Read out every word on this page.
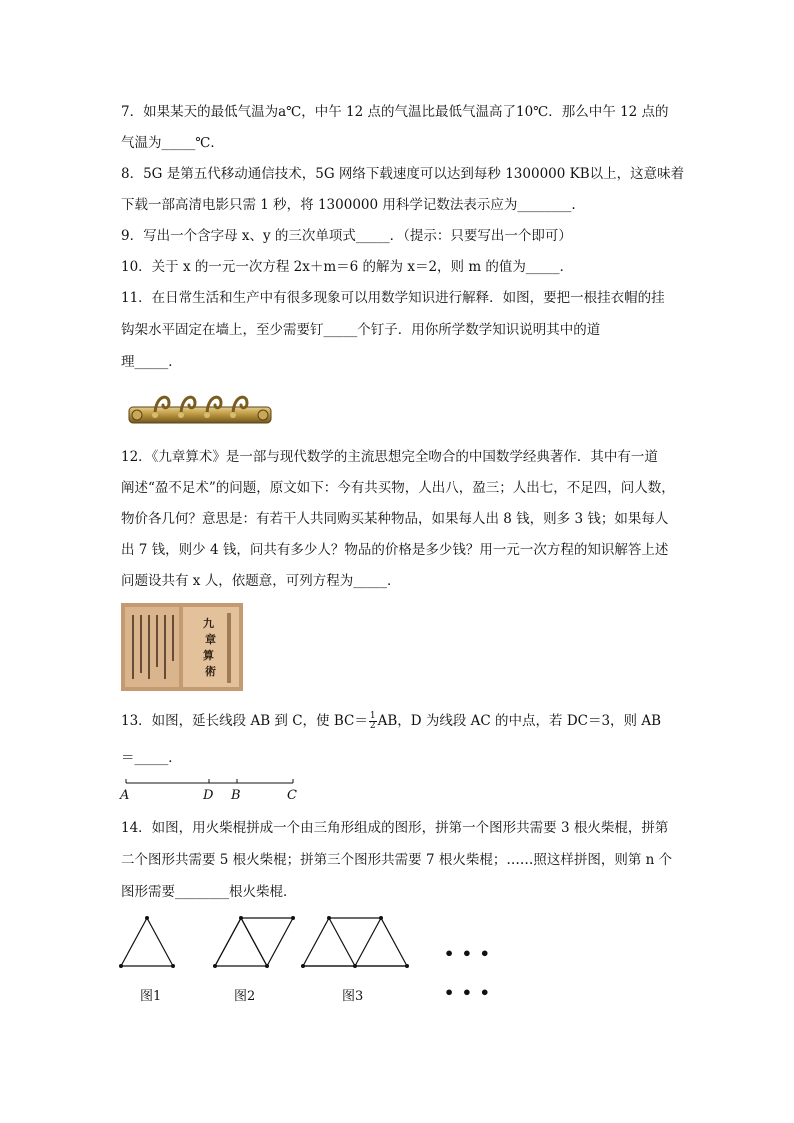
7．如果某天的最低气温为a℃，中午 12 点的气温比最低气温高了10℃．那么中午 12 点的
气温为_____℃．
8．5G 是第五代移动通信技术，5G 网络下载速度可以达到每秒 1300000 KB以上，这意味着
下载一部高清电影只需 1 秒，将 1300000 用科学记数法表示应为________.
9．写出一个含字母 x、y 的三次单项式_____．（提示：只要写出一个即可）
10．关于 x 的一元一次方程 2x＋m＝6 的解为 x＝2，则 m 的值为_____．
11．在日常生活和生产中有很多现象可以用数学知识进行解释．如图，要把一根挂衣帽的挂
钩架水平固定在墙上，至少需要钉_____个钉子．用你所学数学知识说明其中的道
理_____．
12．《九章算术》是一部与现代数学的主流思想完全吻合的中国数学经典著作．其中有一道
阐述“盈不足术”的问题，原文如下：今有共买物，人出八，盈三；人出七，不足四，问人数，
物价各几何？意思是：有若干人共同购买某种物品，如果每人出 8 钱，则多 3 钱；如果每人
出 7 钱，则少 4 钱，问共有多少人？物品的价格是多少钱？用一元一次方程的知识解答上述
问题设共有 x 人，依题意，可列方程为_____．
九
章
算
術
13．如图，延长线段 AB 到 C，使 $BC= \frac{1}{2}$ AB，D 为线段 AC 的中点，若 DC＝3，则 AB
＝_____．
A	D B	C
14．如图，用火柴棍拼成一个由三角形组成的图形，拼第一个图形共需要 3 根火柴棍，拼第
二个图形共需要 5 根火柴棍；拼第三个图形共需要 7 根火柴棍；……照这样拼图，则第 n 个
图形需要________根火柴棍．
• • •
图1	图2	图3	• • •
